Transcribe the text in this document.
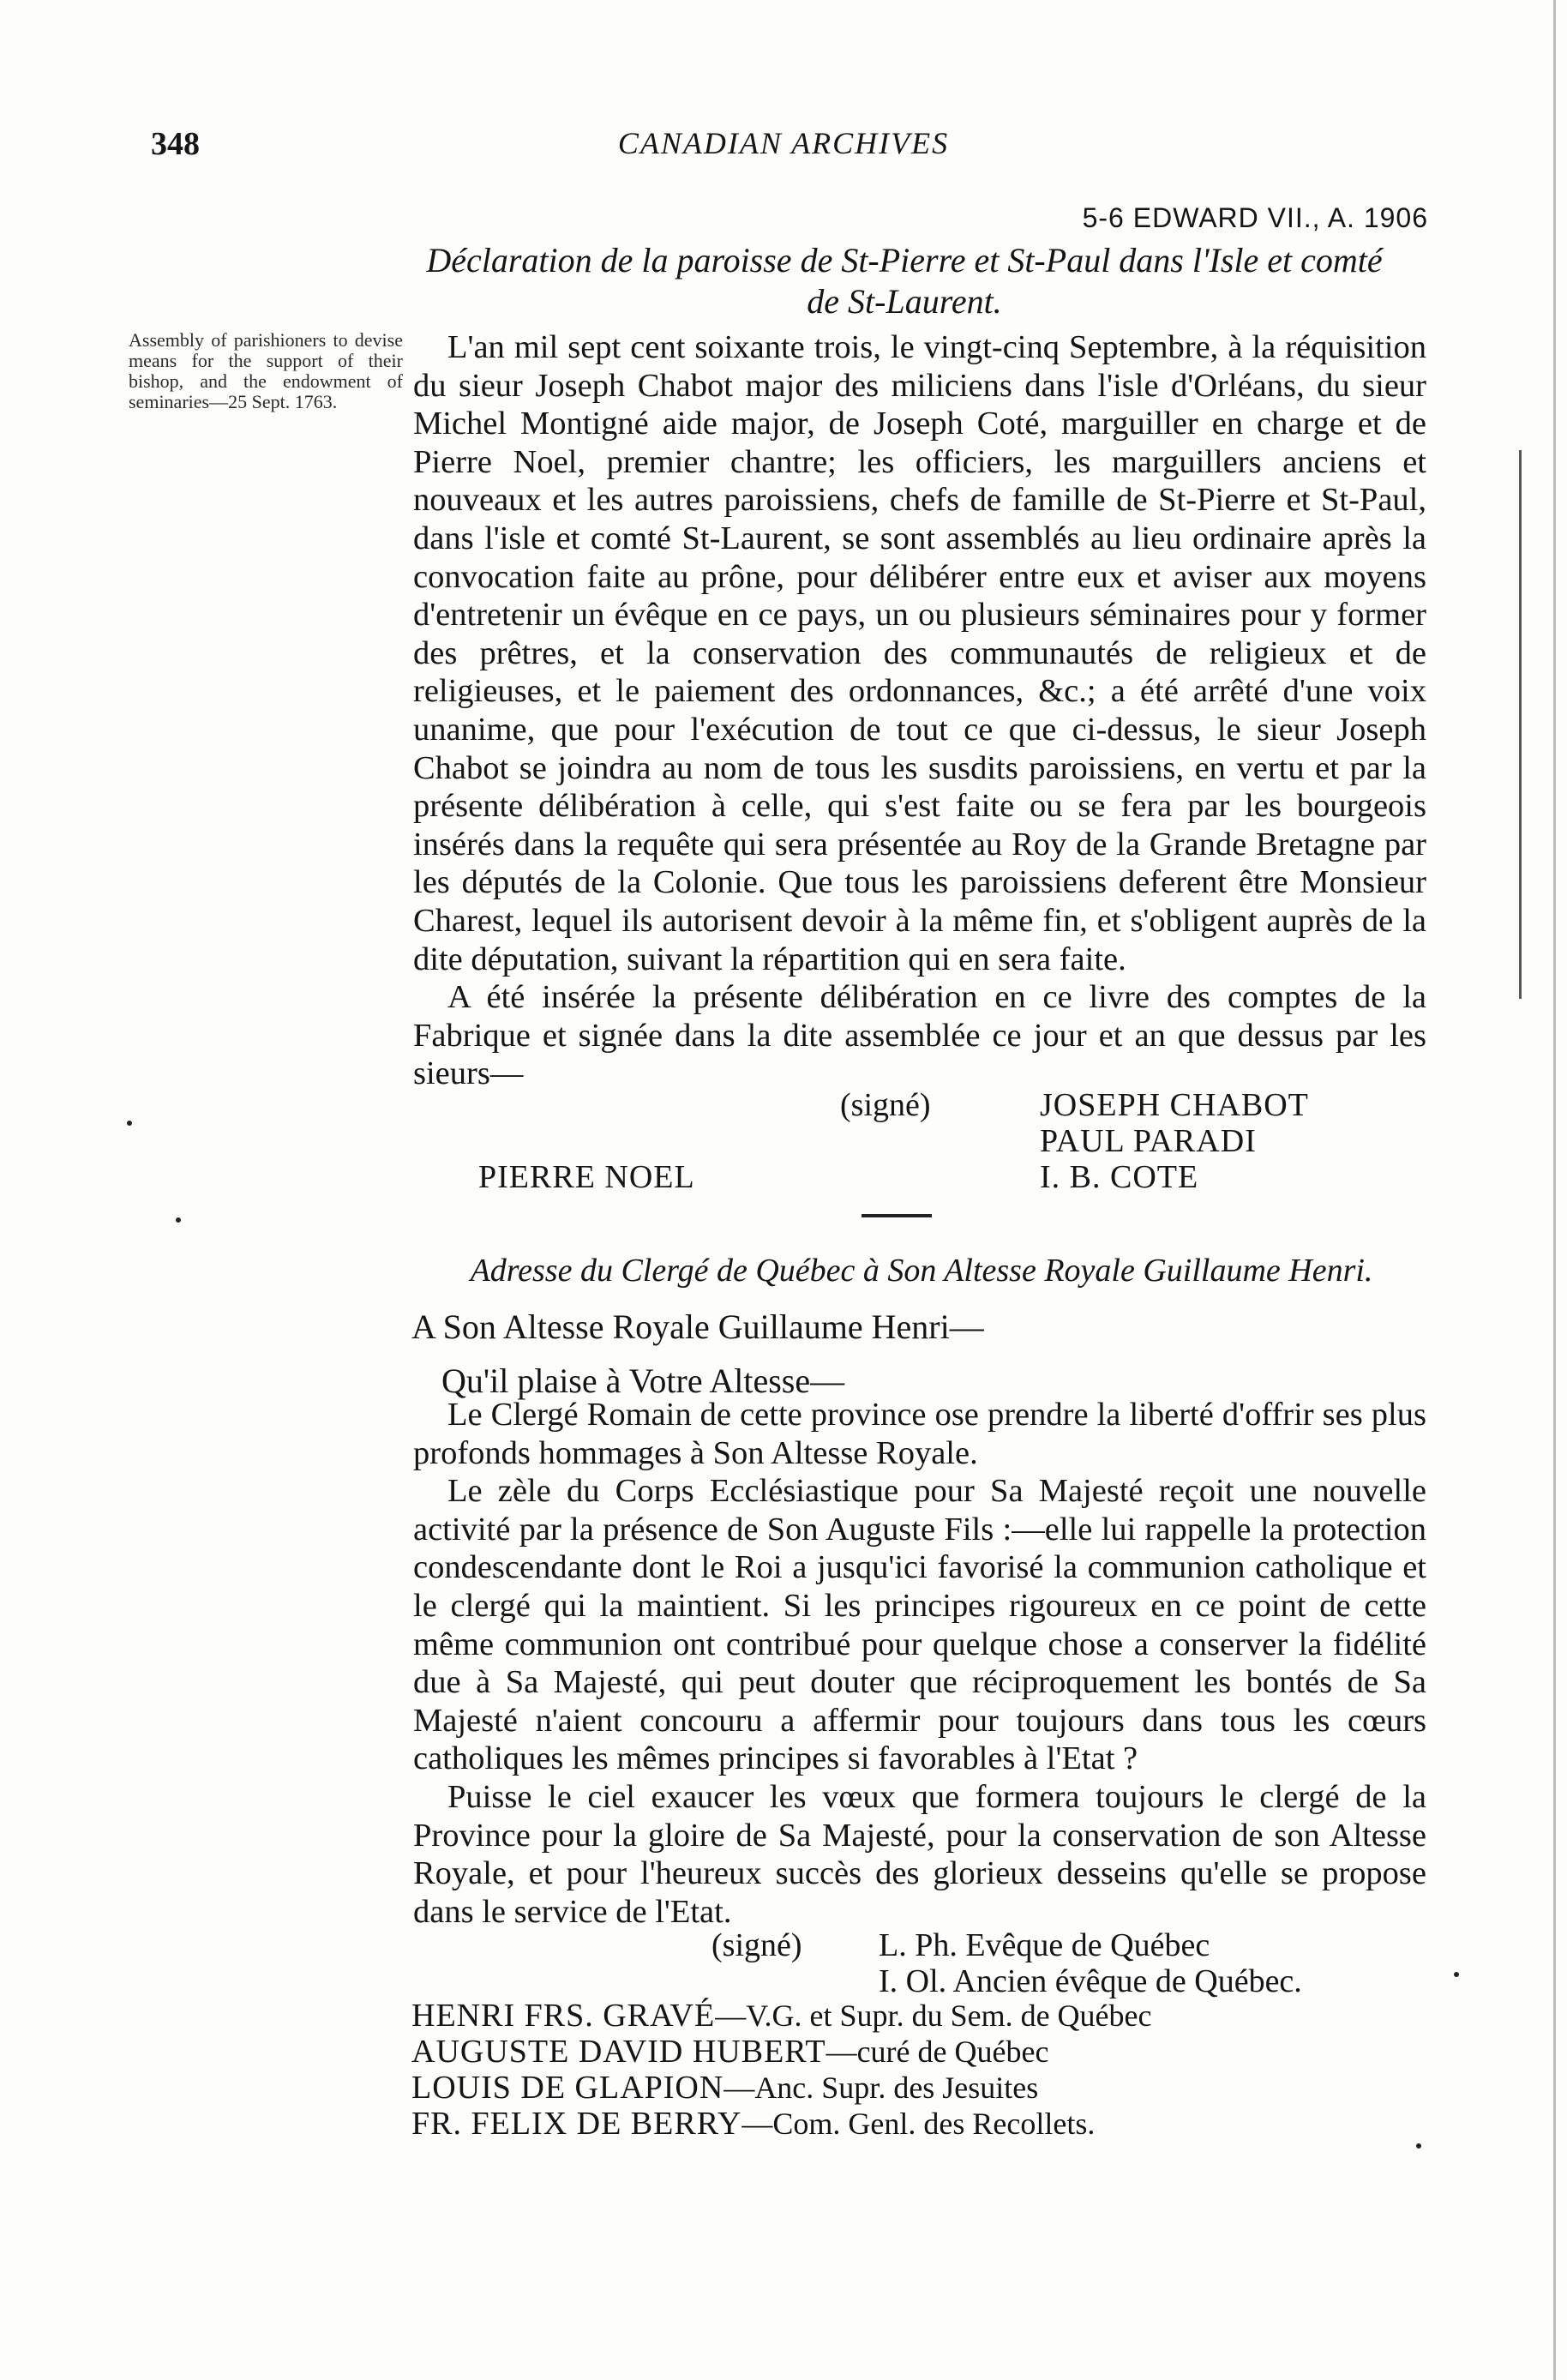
348	CANADIAN ARCHIVES
5-6 EDWARD VII., A. 1906
Déclaration de la paroisse de St-Pierre et St-Paul dans l'Isle et comté
de St-Laurent.
Assembly of parishioners to devise means for the support of their bishop, and the endowment of seminaries—25 Sept. 1763.

L'an mil sept cent soixante trois, le vingt-cinq Septembre, à la réquisition du sieur Joseph Chabot major des miliciens dans l'isle d'Orléans, du sieur Michel Montigné aide major, de Joseph Coté, marguiller en charge et de Pierre Noel, premier chantre; les officiers, les marguillers anciens et nouveaux et les autres paroissiens, chefs de famille de St-Pierre et St-Paul, dans l'isle et comté St-Laurent, se sont assemblés au lieu ordinaire après la convocation faite au prône, pour délibérer entre eux et aviser aux moyens d'entretenir un évêque en ce pays, un ou plusieurs séminaires pour y former des prêtres, et la conservation des communautés de religieux et de religieuses, et le paiement des ordonnances, &c.; a été arrêté d'une voix unanime, que pour l'exécution de tout ce que ci-dessus, le sieur Joseph Chabot se joindra au nom de tous les susdits paroissiens, en vertu et par la présente délibération à celle, qui s'est faite ou se fera par les bourgeois insérés dans la requête qui sera présentée au Roy de la Grande Bretagne par les députés de la Colonie. Que tous les paroissiens deferent être Monsieur Charest, lequel ils autorisent devoir à la même fin, et s'obligent auprès de la dite députation, suivant la répartition qui en sera faite.

A été insérée la présente délibération en ce livre des comptes de la Fabrique et signée dans la dite assemblée ce jour et an que dessus par les sieurs—

(signé)	JOSEPH CHABOT
PAUL PARADI
I. B. COTE
PIERRE NOEL
Adresse du Clergé de Québec à Son Altesse Royale Guillaume Henri.
A Son Altesse Royale Guillaume Henri—
Qu'il plaise à Votre Altesse—

Le Clergé Romain de cette province ose prendre la liberté d'offrir ses plus profonds hommages à Son Altesse Royale.

Le zèle du Corps Ecclésiastique pour Sa Majesté reçoit une nouvelle activité par la présence de Son Auguste Fils :—elle lui rappelle la protection condescendante dont le Roi a jusqu'ici favorisé la communion catholique et le clergé qui la maintient. Si les principes rigoureux en ce point de cette même communion ont contribué pour quelque chose a conserver la fidélité due à Sa Majesté, qui peut douter que réciproquement les bontés de Sa Majesté n'aient concouru a affermir pour toujours dans tous les cœurs catholiques les mêmes principes si favorables à l'Etat ?

Puisse le ciel exaucer les vœux que formera toujours le clergé de la Province pour la gloire de Sa Majesté, pour la conservation de son Altesse Royale, et pour l'heureux succès des glorieux desseins qu'elle se propose dans le service de l'Etat.

(signé) L. Ph. Evêque de Québec
I. Ol. Ancien évêque de Québec.
HENRI FRS. GRAVÉ—V.G. et Supr. du Sem. de Québec
AUGUSTE DAVID HUBERT—curé de Québec
LOUIS DE GLAPION—Anc. Supr. des Jesuites
FR. FELIX DE BERRY—Com. Genl. des Recollets.
